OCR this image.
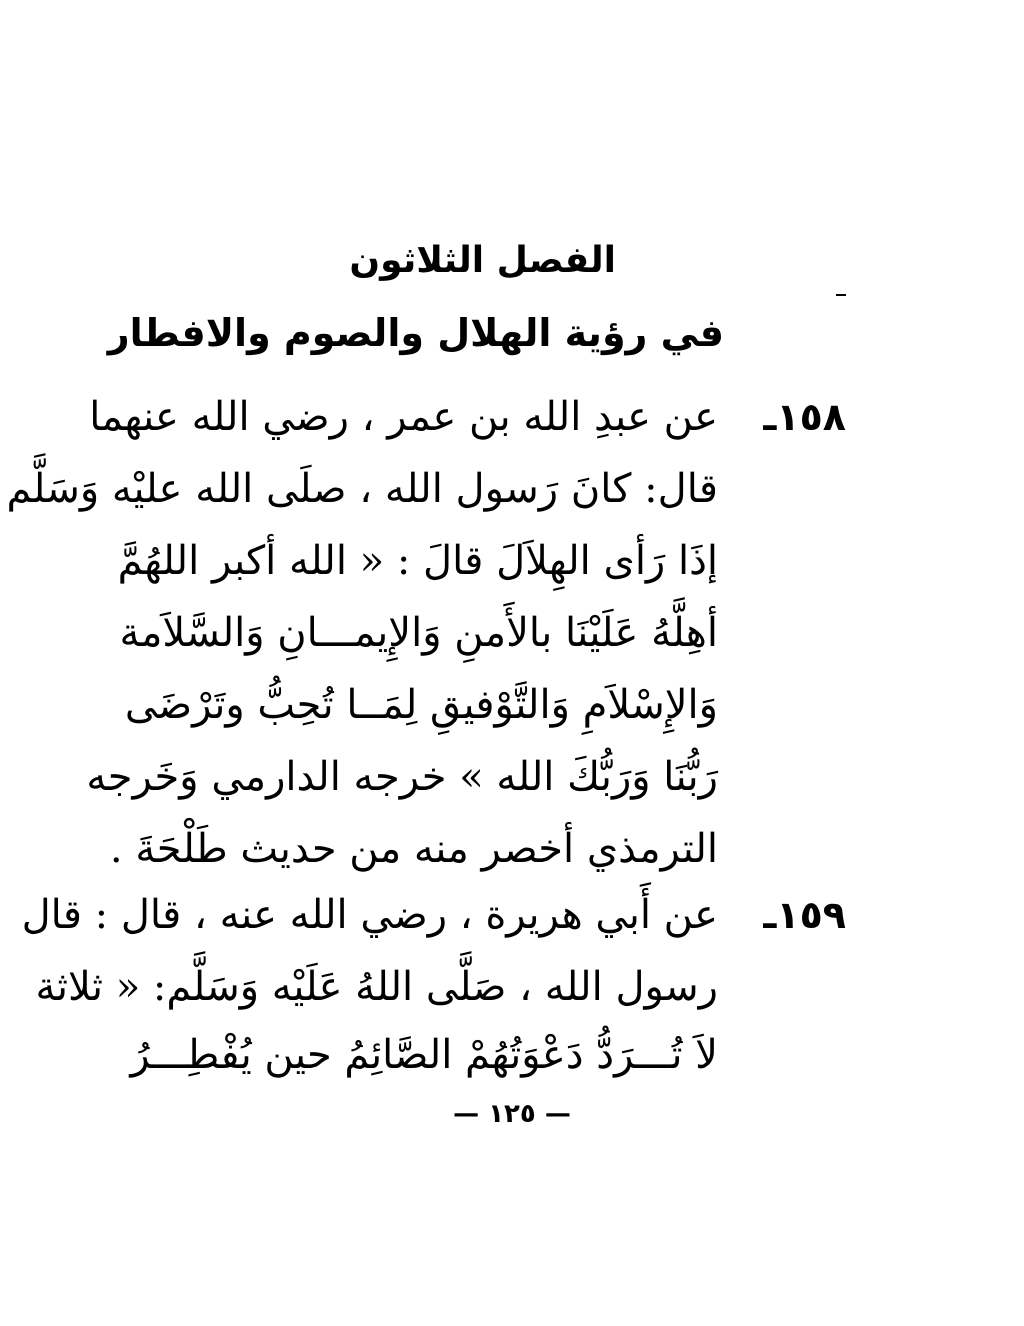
الفصل الثلاثون
في رؤية الهلال والصوم والافطار
١٥٨ـ
عن عبدِ الله بن عمر ، رضي الله عنهما
قال: كانَ رَسول الله ، صلَى الله عليْه وَسَلَّم
إذَا رَأى الهِلاَلَ قالَ : « الله أكبر اللهُمَّ
أهِلَّهُ عَلَيْنَا بالأَمنِ وَالإِيمـــانِ وَالسَّلاَمة
وَالإِسْلاَمِ وَالتَّوْفيقِ لِمَــا تُحِبُّ وتَرْضَى
رَبُّنَا وَرَبُّكَ الله » خرجه الدارمي وَخَرجه
الترمذي أخصر منه من حديث طَلْحَةَ .
١٥٩ـ
عن أَبي هريرة ، رضي الله عنه ، قال : قال
رسول الله ، صَلَّى اللهُ عَلَيْه وَسَلَّم: « ثلاثة
لاَ تُـــرَدُّ دَعْوَتُهُمْ الصَّائِمُ حين يُفْطِـــرُ
— ١٢٥ —
